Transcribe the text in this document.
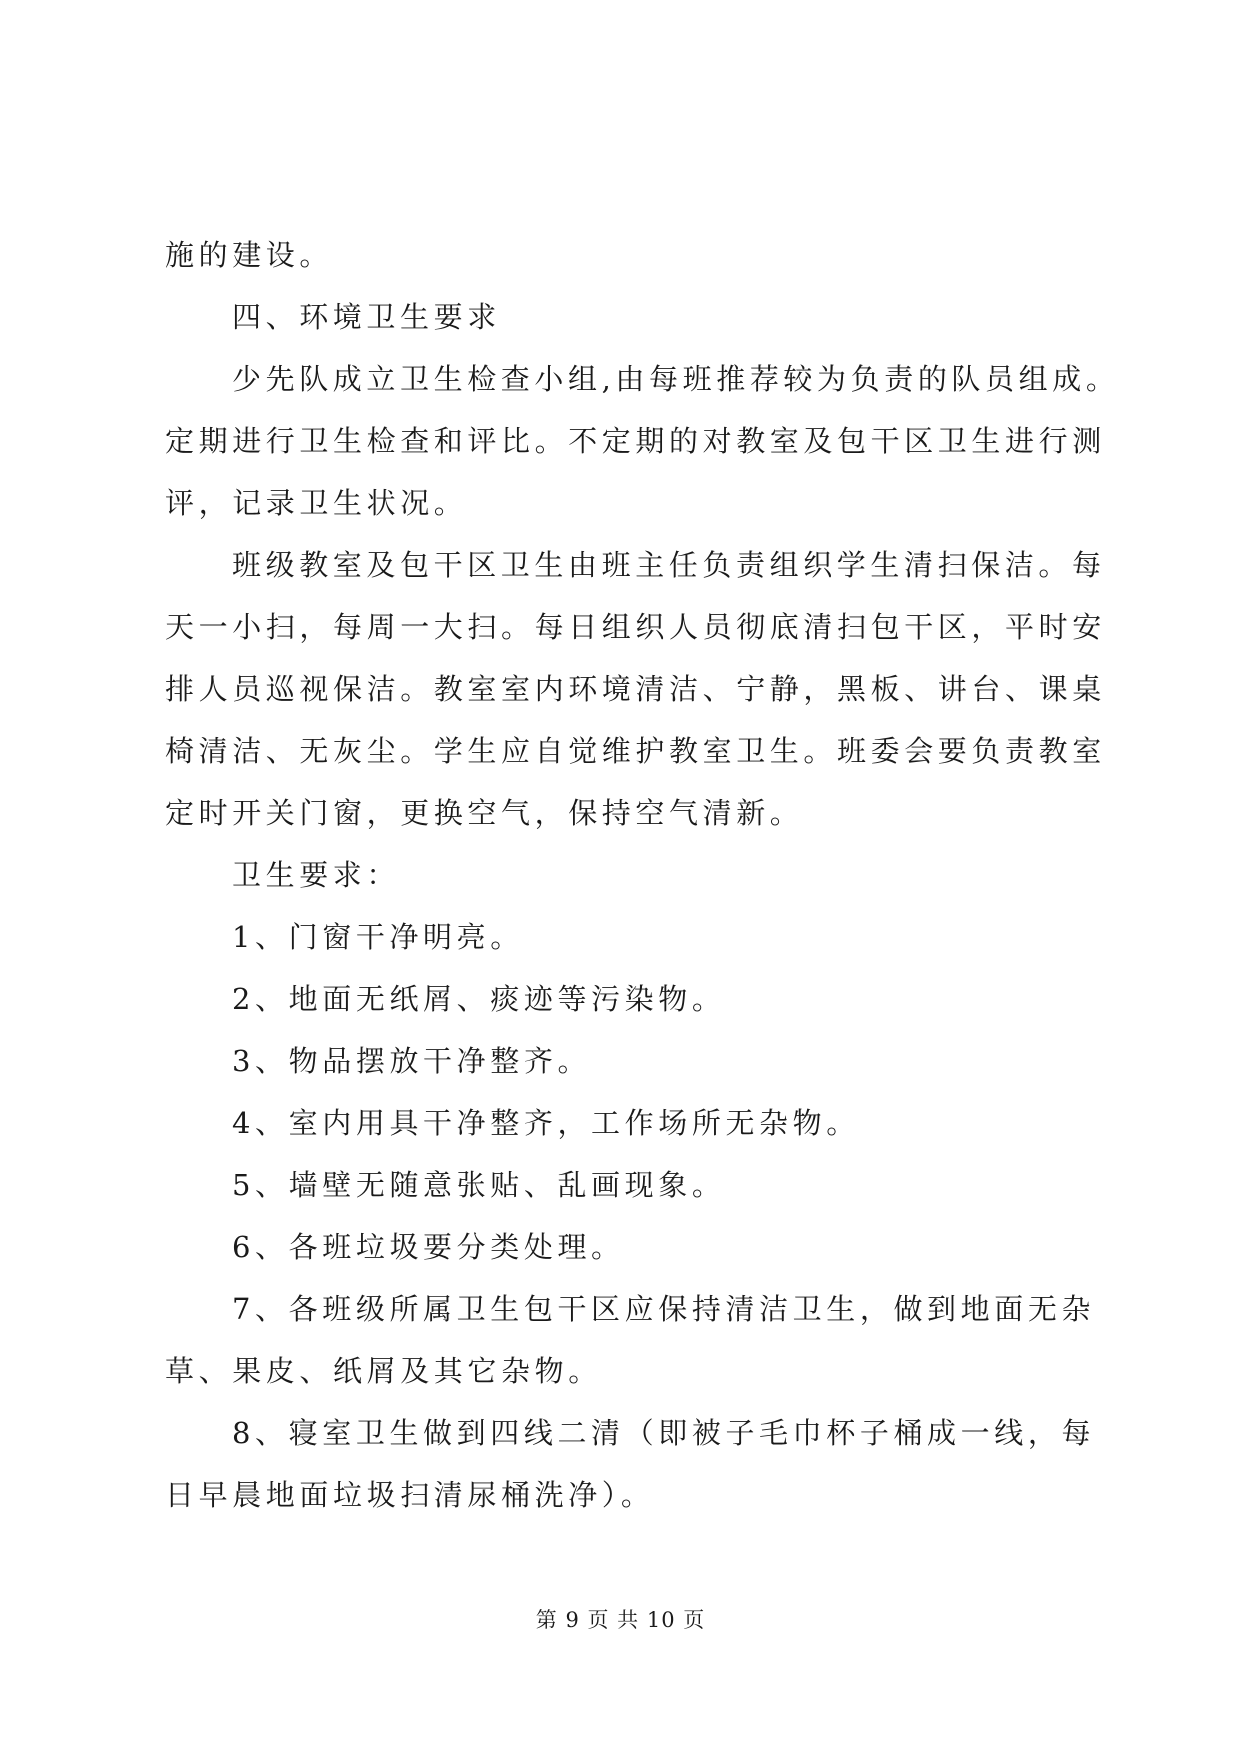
施的建设。
四、环境卫生要求
少先队成立卫生检查小组,由每班推荐较为负责的队员组成。
定期进行卫生检查和评比。不定期的对教室及包干区卫生进行测
评，记录卫生状况。
班级教室及包干区卫生由班主任负责组织学生清扫保洁。每
天一小扫，每周一大扫。每日组织人员彻底清扫包干区，平时安
排人员巡视保洁。教室室内环境清洁、宁静，黑板、讲台、课桌
椅清洁、无灰尘。学生应自觉维护教室卫生。班委会要负责教室
定时开关门窗，更换空气，保持空气清新。
卫生要求：
1、门窗干净明亮。
2、地面无纸屑、痰迹等污染物。
3、物品摆放干净整齐。
4、室内用具干净整齐，工作场所无杂物。
5、墙壁无随意张贴、乱画现象。
6、各班垃圾要分类处理。
7、各班级所属卫生包干区应保持清洁卫生，做到地面无杂
草、果皮、纸屑及其它杂物。
8、寝室卫生做到四线二清（即被子毛巾杯子桶成一线，每
日早晨地面垃圾扫清尿桶洗净）。
第 9 页 共 10 页
